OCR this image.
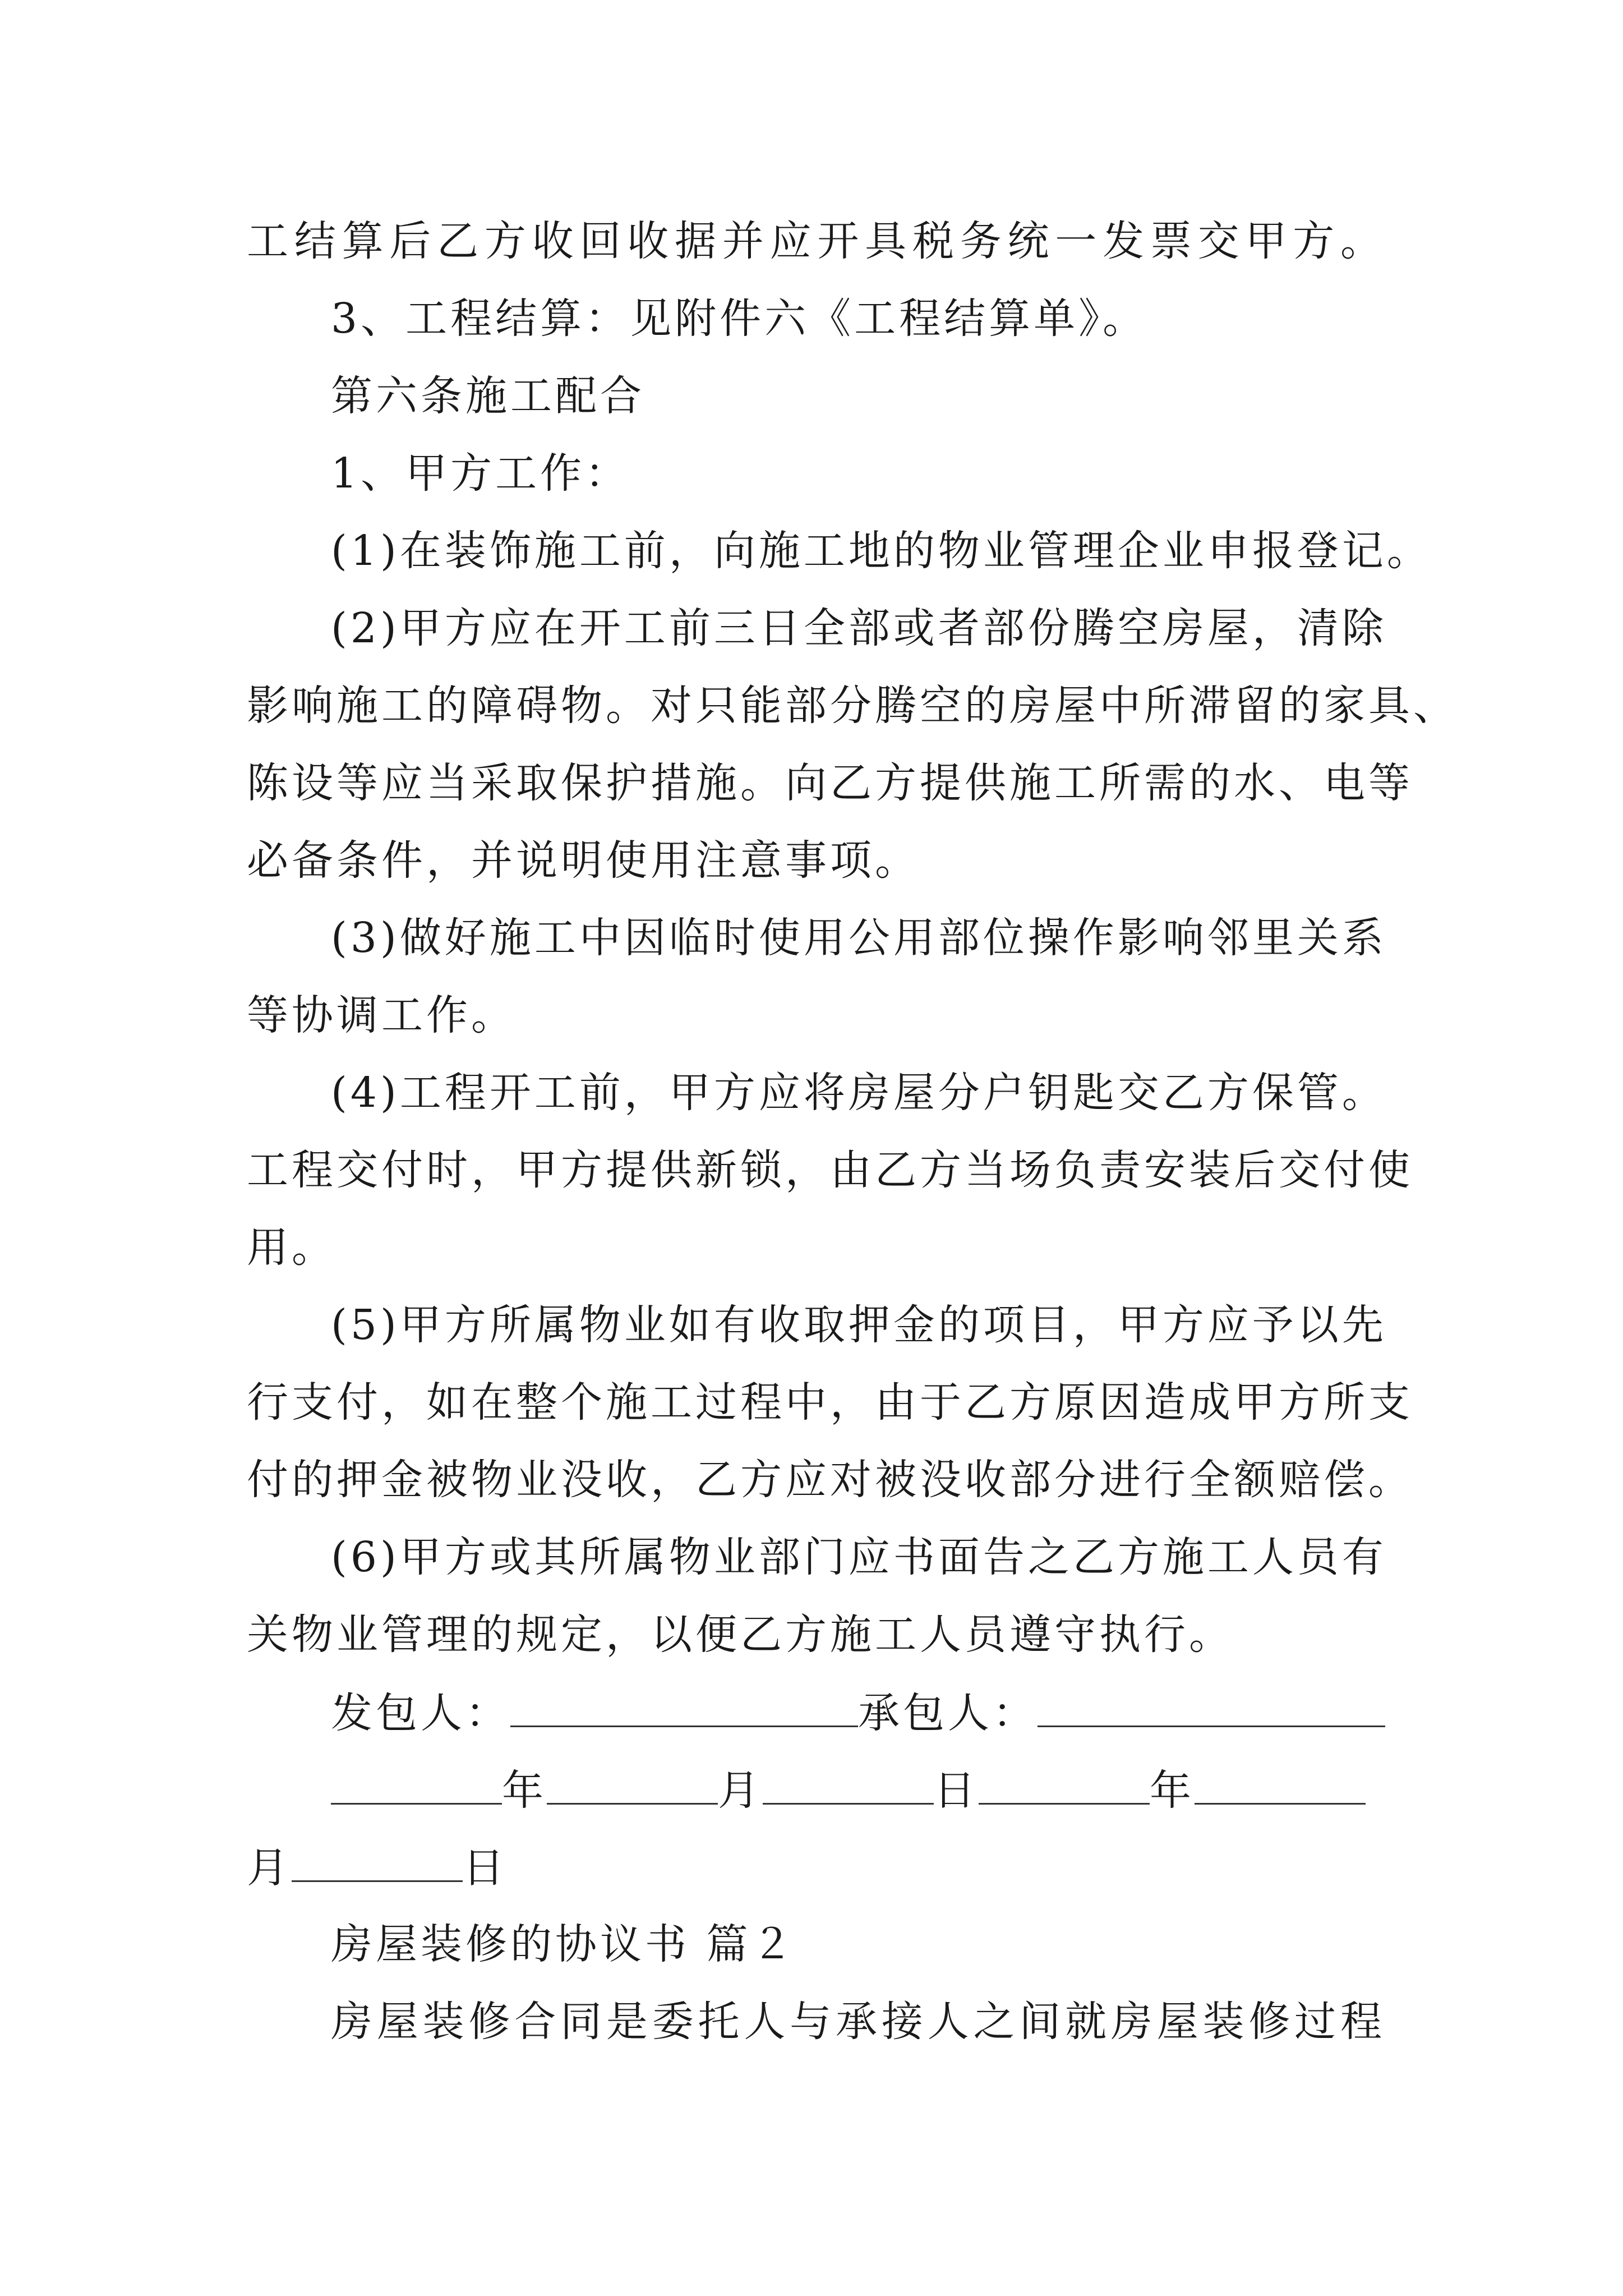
工结算后乙方收回收据并应开具税务统一发票交甲方。
3、工程结算：见附件六《工程结算单》。
第六条施工配合
1、甲方工作：
(1)在装饰施工前，向施工地的物业管理企业申报登记。
(2)甲方应在开工前三日全部或者部份腾空房屋，清除
影响施工的障碍物。对只能部分腾空的房屋中所滞留的家具、
陈设等应当采取保护措施。向乙方提供施工所需的水、电等
必备条件，并说明使用注意事项。
(3)做好施工中因临时使用公用部位操作影响邻里关系
等协调工作。
(4)工程开工前，甲方应将房屋分户钥匙交乙方保管。
工程交付时，甲方提供新锁，由乙方当场负责安装后交付使
用。
(5)甲方所属物业如有收取押金的项目，甲方应予以先
行支付，如在整个施工过程中，由于乙方原因造成甲方所支
付的押金被物业没收，乙方应对被没收部分进行全额赔偿。
(6)甲方或其所属物业部门应书面告之乙方施工人员有
关物业管理的规定，以便乙方施工人员遵守执行。
发包人：	承包人：
年	月	日	年
月	日
房屋装修的协议书 篇２
房屋装修合同是委托人与承接人之间就房屋装修过程
